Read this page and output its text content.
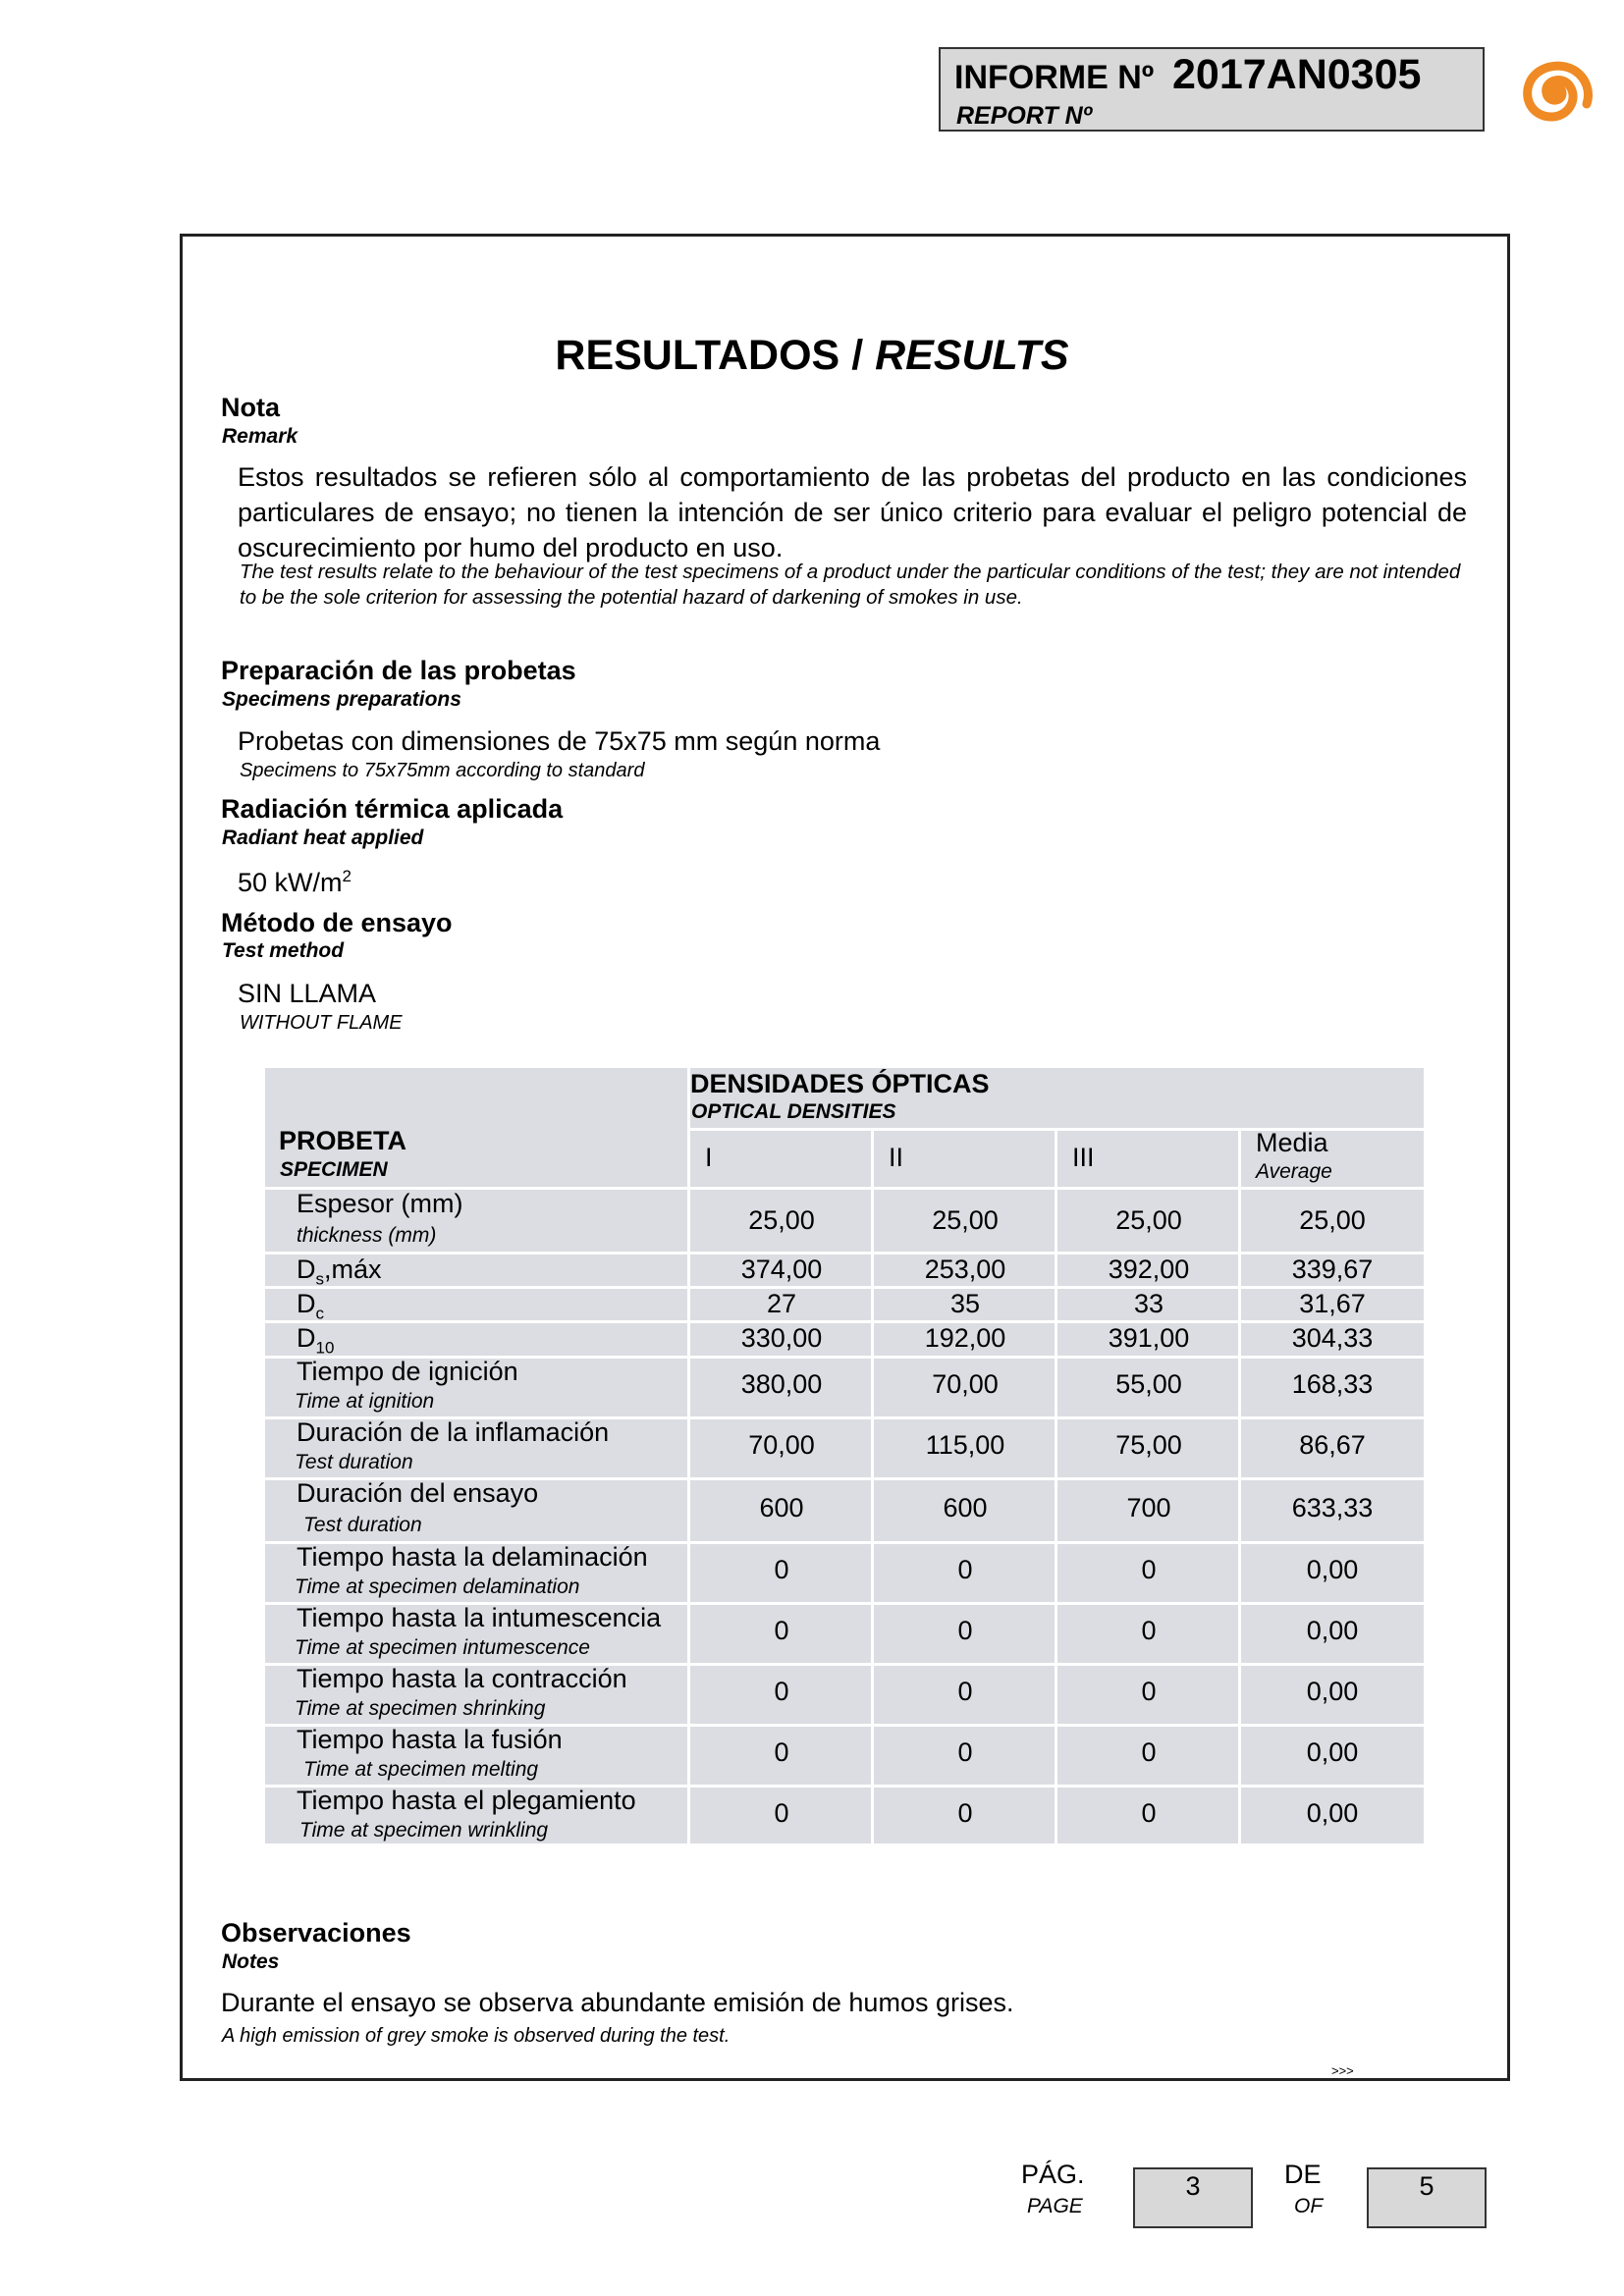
INFORME Nº 2017AN0305
REPORT Nº
RESULTADOS / RESULTS
Nota
Remark
Estos resultados se refieren sólo al comportamiento de las probetas del producto en las condiciones particulares de ensayo; no tienen la intención de ser único criterio para evaluar el peligro potencial de oscurecimiento por humo del producto en uso.
The test results relate to the behaviour of the test specimens of a product under the particular conditions of the test; they are not intended to be the sole criterion for assessing the potential hazard of darkening of smokes in use.
Preparación de las probetas
Specimens preparations
Probetas con dimensiones de 75x75 mm según norma
Specimens to 75x75mm according to standard
Radiación térmica aplicada
Radiant heat applied
50 $kW/m^2$
Método de ensayo
Test method
SIN LLAMA
WITHOUT FLAME
DENSIDADES ÓPTICAS
OPTICAL DENSITIES
PROBETA
SPECIMEN	I	II	III	Media
Average
Espesor (mm)
thickness (mm)
25,00	25,00	25,00	25,00
$D_s,máx$	374,00	253,00	392,00	339,67
$D_c$	27	35	33	31,67
$D_{10}$	330,00	192,00	391,00	304,33
Tiempo de ignición
Time at ignition
380,00	70,00	55,00	168,33
Duración de la inflamación
Test duration
70,00	115,00	75,00	86,67
Duración del ensayo
Test duration
600	600	700	633,33
Tiempo hasta la delaminación
Time at specimen delamination
0	0	0	0,00
Tiempo hasta la intumescencia
Time at specimen intumescence
0	0	0	0,00
Tiempo hasta la contracción
Time at specimen shrinking
0	0	0	0,00
Tiempo hasta la fusión
Time at specimen melting
0	0	0	0,00
Tiempo hasta el plegamiento
Time at specimen wrinkling
0	0	0	0,00
Observaciones
Notes
Durante el ensayo se observa abundante emisión de humos grises.
A high emission of grey smoke is observed during the test.
>>>
PÁG.
PAGE
3	DE
OF
5
